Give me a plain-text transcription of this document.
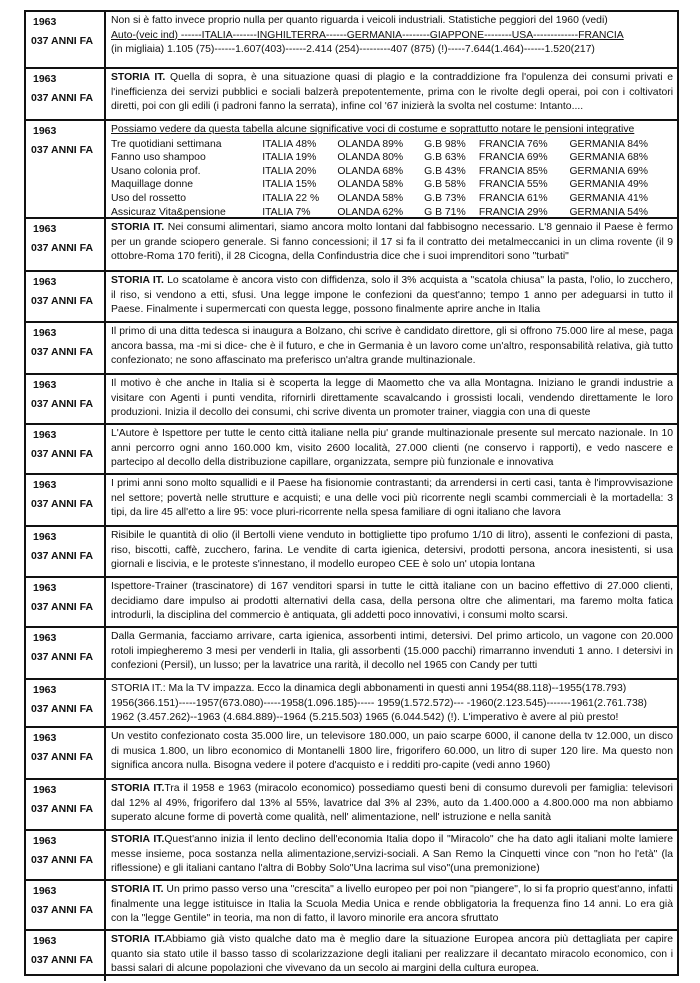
1963
037 ANNI FA

Non si è fatto invece proprio nulla per quanto riguarda i veicoli industriali. Statistiche peggiori del 1960 (vedi)

Auto-(veic ind) ------ITALIA-------INGHILTERRA------GERMANIA--------GIAPPONE--------USA-------------FRANCIA

(in migliaia) 1.105 (75)------1.607(403)------2.414 (254)---------407 (875) (!)-----7.644(1.464)------1.520(217)

1963
037 ANNI FA
STORIA IT. Quella di sopra, è una situazione quasi di plagio e la contraddizione fra l'opulenza dei consumi privati e l'inefficienza dei servizi pubblici e sociali balzerà prepotentemente, prima con le rivolte degli operai, poi con i coltivatori diretti, poi con gli edili (i padroni fanno la serrata), infine col '67 inizierà la svolta nel costume: Intanto....
1963
037 ANNI FA

Possiamo vedere da questa tabella alcune significative voci di costume e soprattutto notare le pensioni integrative

Tre quotidiani settimana	ITALIA 48%	OLANDA 89%	G.B 98%	FRANCIA 76%	GERMANIA 84%
Fanno uso shampoo	ITALIA 19%	OLANDA 80%	G.B 63%	FRANCIA 69%	GERMANIA 68%
Usano colonia prof.	ITALIA 20%	OLANDA 68%	G.B 43%	FRANCIA 85%	GERMANIA 69%
Maquillage donne	ITALIA 15%	OLANDA 58%	G.B 58%	FRANCIA 55%	GERMANIA 49%
Uso del rossetto	ITALIA 22 %	OLANDA 58%	G.B 73%	FRANCIA 61%	GERMANIA 41%
Assicuraz Vita&pensione	ITALIA 7%	OLANDA 62%	G B 71%	FRANCIA 29%	GERMANIA 54%
1963
037 ANNI FA
STORIA IT. Nei consumi alimentari, siamo ancora molto lontani dal fabbisogno necessario. L'8 gennaio il Paese è fermo per un grande sciopero generale. Si fanno concessioni; il 17 si fa il contratto dei metalmeccanici in un clima rovente (il 9 ottobre-Roma 170 feriti), il 28 Cicogna, della Confindustria dice che i suoi imprenditori sono "turbati"
1963
037 ANNI FA
STORIA IT. Lo scatolame è ancora visto con diffidenza, solo il 3% acquista a "scatola chiusa" la pasta, l'olio, lo zucchero, il riso, si vendono a etti, sfusi. Una legge impone le confezioni da quest'anno; tempo 1 anno per adeguarsi in tutto il Paese. Finalmente i supermercati con questa legge, possono finalmente aprire anche in Italia
1963
037 ANNI FA
Il primo di una ditta tedesca si inaugura a Bolzano, chi scrive è candidato direttore, gli si offrono 75.000 lire al mese, paga ancora bassa, ma -mi si dice- che è il futuro, e che in Germania è un lavoro come un'altro, responsabilità relativa, già tutto confezionato; ne sono affascinato ma preferisco un'altra grande multinazionale.
1963
037 ANNI FA
Il motivo è che anche in Italia si è scoperta la legge di Maometto che va alla Montagna. Iniziano le grandi industrie a visitare con Agenti i punti vendita, rifornirli direttamente scavalcando i grossisti locali, vendendo direttamente le loro produzioni. Inizia il decollo dei consumi, chi scrive diventa un promoter trainer, viaggia con una di queste
1963
037 ANNI FA
L'Autore è Ispettore per tutte le cento città italiane nella piu' grande multinazionale presente sul mercato nazionale. In 10 anni percorro ogni anno 160.000 km, visito 2600 località, 27.000 clienti (ne conservo i rapporti), e vedo nascere e partecipo al decollo della distribuzione capillare, organizzata, sempre più funzionale e innovativa
1963
037 ANNI FA
I primi anni sono molto squallidi e il Paese ha fisionomie contrastanti; da arrendersi in certi casi, tanta è l'improvvisazione nel settore; povertà nelle strutture e acquisti; e una delle voci più ricorrente negli scambi commerciali è la mortadella: 3 tipi, da lire 45 all'etto a lire 95: voce pluri-ricorrente nella spesa familiare di ogni italiano che lavora
1963
037 ANNI FA
Risibile le quantità di olio (il Bertolli viene venduto in bottigliette tipo profumo 1/10 di litro), assenti le confezioni di pasta, riso, biscotti, caffè, zucchero, farina. Le vendite di carta igienica, detersivi, prodotti persona, ancora inesistenti, si usa giornali e liscivia, e le proteste s'innestano, il modello europeo CEE è solo un' utopia lontana
1963
037 ANNI FA
Ispettore-Trainer (trascinatore) di 167 venditori sparsi in tutte le città italiane con un bacino effettivo di 27.000 clienti, decidiamo dare impulso ai prodotti alternativi della casa, della persona oltre che alimentari, ma faremo molta fatica introdurli, la disciplina del commercio è antiquata, gli addetti poco innovativi, i consumi molto scarsi.
1963
037 ANNI FA
Dalla Germania, facciamo arrivare, carta igienica, assorbenti intimi, detersivi. Del primo articolo, un vagone con 20.000 rotoli impiegheremo 3 mesi per venderli in Italia, gli assorbenti (15.000 pacchi) rimarranno invenduti 1 anno. I detersivi in confezioni (Persil), un lusso; per la lavatrice una rarità, il decollo nel 1965 con Candy per tutti
1963
037 ANNI FA

STORIA IT.: Ma la TV impazza. Ecco la dinamica degli abbonamenti in questi anni 1954(88.118)--1955(178.793)

1956(366.151)-----1957(673.080)-----1958(1.096.185)----- 1959(1.572.572)--- -1960(2.123.545)-------1961(2.761.738)

1962 (3.457.262)--1963 (4.684.889)--1964 (5.215.503) 1965 (6.044.542) (!). L'imperativo è avere al più presto!

1963
037 ANNI FA
Un vestito confezionato costa 35.000 lire, un televisore 180.000, un paio scarpe 6000, il canone della tv 12.000, un disco di musica 1.800, un libro economico di Montanelli 1800 lire, frigorifero 60.000, un litro di super 120 lire. Ma questo non significa ancora nulla. Bisogna vedere il potere d'acquisto e i redditi pro-capite (vedi anno 1960)
1963
037 ANNI FA
STORIA IT.Tra il 1958 e 1963 (miracolo economico) possediamo questi beni di consumo durevoli per famiglia: televisori dal 12% al 49%, frigorifero dal 13% al 55%, lavatrice dal 3% al 23%, auto da 1.400.000 a 4.800.000 ma non abbiamo superato alcune forme di povertà come qualità, nell' alimentazione, nell' istruzione e nella sanità
1963
037 ANNI FA
STORIA IT.Quest'anno inizia il lento declino dell'economia Italia dopo il "Miracolo" che ha dato agli italiani molte lamiere messe insieme, poca sostanza nella alimentazione,servizi-sociali. A San Remo la Cinquetti vince con "non ho l'età" (la riflessione) e gli italiani cantano l'altra di Bobby Solo"Una lacrima sul viso"(una premonizione)
1963
037 ANNI FA
STORIA IT. Un primo passo verso una "crescita" a livello europeo per poi non "piangere", lo si fa proprio quest'anno, infatti finalmente una legge istituisce in Italia la Scuola Media Unica e rende obbligatoria la frequenza fino 14 anni. Lo era già con la "legge Gentile" in teoria, ma non di fatto, il lavoro minorile era ancora sfruttato
1963
037 ANNI FA
STORIA IT.Abbiamo già visto qualche dato ma è meglio dare la situazione Europea ancora più dettagliata per capire quanto sia stato utile il basso tasso di scolarizzazione degli italiani per realizzare il decantato miracolo economico, con i bassi salari di alcune popolazioni che vivevano da un secolo ai margini della cultura europea.
